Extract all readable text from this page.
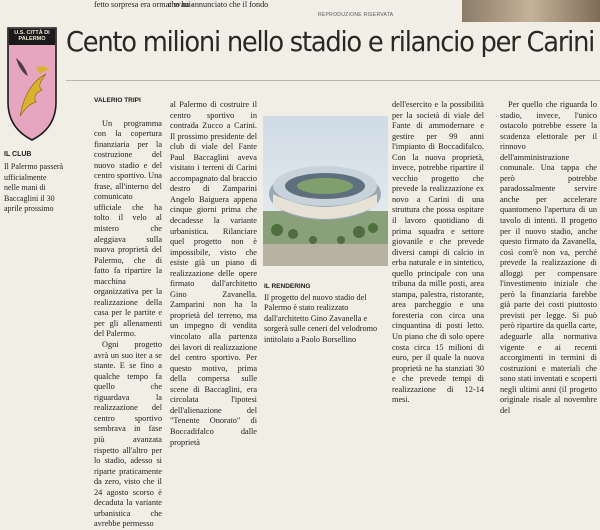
fetto sorpresa era ormai svani-
che ha annunciato che il fondo
REPRODUZIONE RISERVATA
U.S. CITTÀ DI PALERMO
IL CLUB
Il Palermo passerà ufficialmente nelle mani di Baccaglini il 30 aprile prossimo
Cento milioni nello stadio e rilancio per Carini
VALERIO TRIPI

Un programma con la copertura finanziaria per la costruzione del nuovo stadio e del centro sportivo. Una frase, all'interno del comunicato ufficiale che ha tolto il velo al mistero che aleggiava sulla nuova proprietà del Palermo, che di fatto fa ripartire la macchina organizzativa per la realizzazione della casa per le partite e per gli allenamenti del Palermo.

Ogni progetto avrà un suo iter a se stante. E se fino a qualche tempo fa quello che riguardava la realizzazione del centro sportivo sembrava in fase più avanzata rispetto all'altro per lo stadio, adesso si riparte praticamente da zero, visto che il 24 agosto scorso è decaduta la variante urbanistica che avrebbe permesso

al Palermo di costruire il centro sportivo in contrada Zucco a Carini. Il prossimo presidente del club di viale del Fante Paul Baccaglini aveva visitato i terreni di Carini accompagnato dal braccio destro di Zamparini Angelo Baiguera appena cinque giorni prima che decadesse la variante urbanistica. Rilanciare quel progetto non è impossibile, visto che esiste già un piano di realizzazione delle opere firmato dall'architetto Gino Zavanella. Zamparini non ha la proprietà del terreno, ma un impegno di vendita vincolato alla partenza dei lavori di realizzazione del centro sportivo. Per questo motivo, prima della compersa sulle scene di Baccaglini, era circolata l'ipotesi dell'alienazione del "Tenente Onorato" di Boccadifalco dalle proprietà

IL RENDERING
Il progetto del nuovo stadio del Palermo è stato realizzato dall'architetto Gino Zavanella e sorgerà sulle ceneri del velodromo intitolato a Paolo Borsellino

dell'esercito e la possibilità per la società di viale del Fante di ammodernare e gestire per 99 anni l'impianto di Boccadifalco. Con la nuova proprietà, invece, potrebbe ripartire il vecchio progetto che prevede la realizzazione ex novo a Carini di una struttura che possa ospitare il lavoro quotidiano di prima squadra e settore giovanile e che prevede diversi campi di calcio in erba naturale e in sintetico, quello principale con una tribuna da mille posti, area stampa, palestra, ristorante, area parcheggio e una foresteria con circa una cinquantina di posti letto. Un piano che di solo opere costa circa 15 milioni di euro, per il quale la nuova proprietà ne ha stanziati 30 e che prevede tempi di realizzazione di 12-14 mesi.

Per quello che riguarda lo stadio, invece, l'unico ostacolo potrebbe essere la scadenza elettorale per il rinnovo dell'amministrazione comunale. Una tappa che però potrebbe paradossalmente servire anche per accelerare quantomeno l'apertura di un tavolo di intenti. Il progetto per il nuovo stadio, anche questo firmato da Zavanella, così com'è non va, perché prevede la realizzazione di alloggi per compensare l'investimento iniziale che però la finanziaria farebbe già parte dei costi piuttosto previsti per legge. Si può però ripartire da quella carte, adeguarle alla normativa vigente e ai recenti accorgimenti in termini di costruzioni e materiali che sono stati inventati e scoperti negli ultimi anni (il progetto originale risale al novembre del
